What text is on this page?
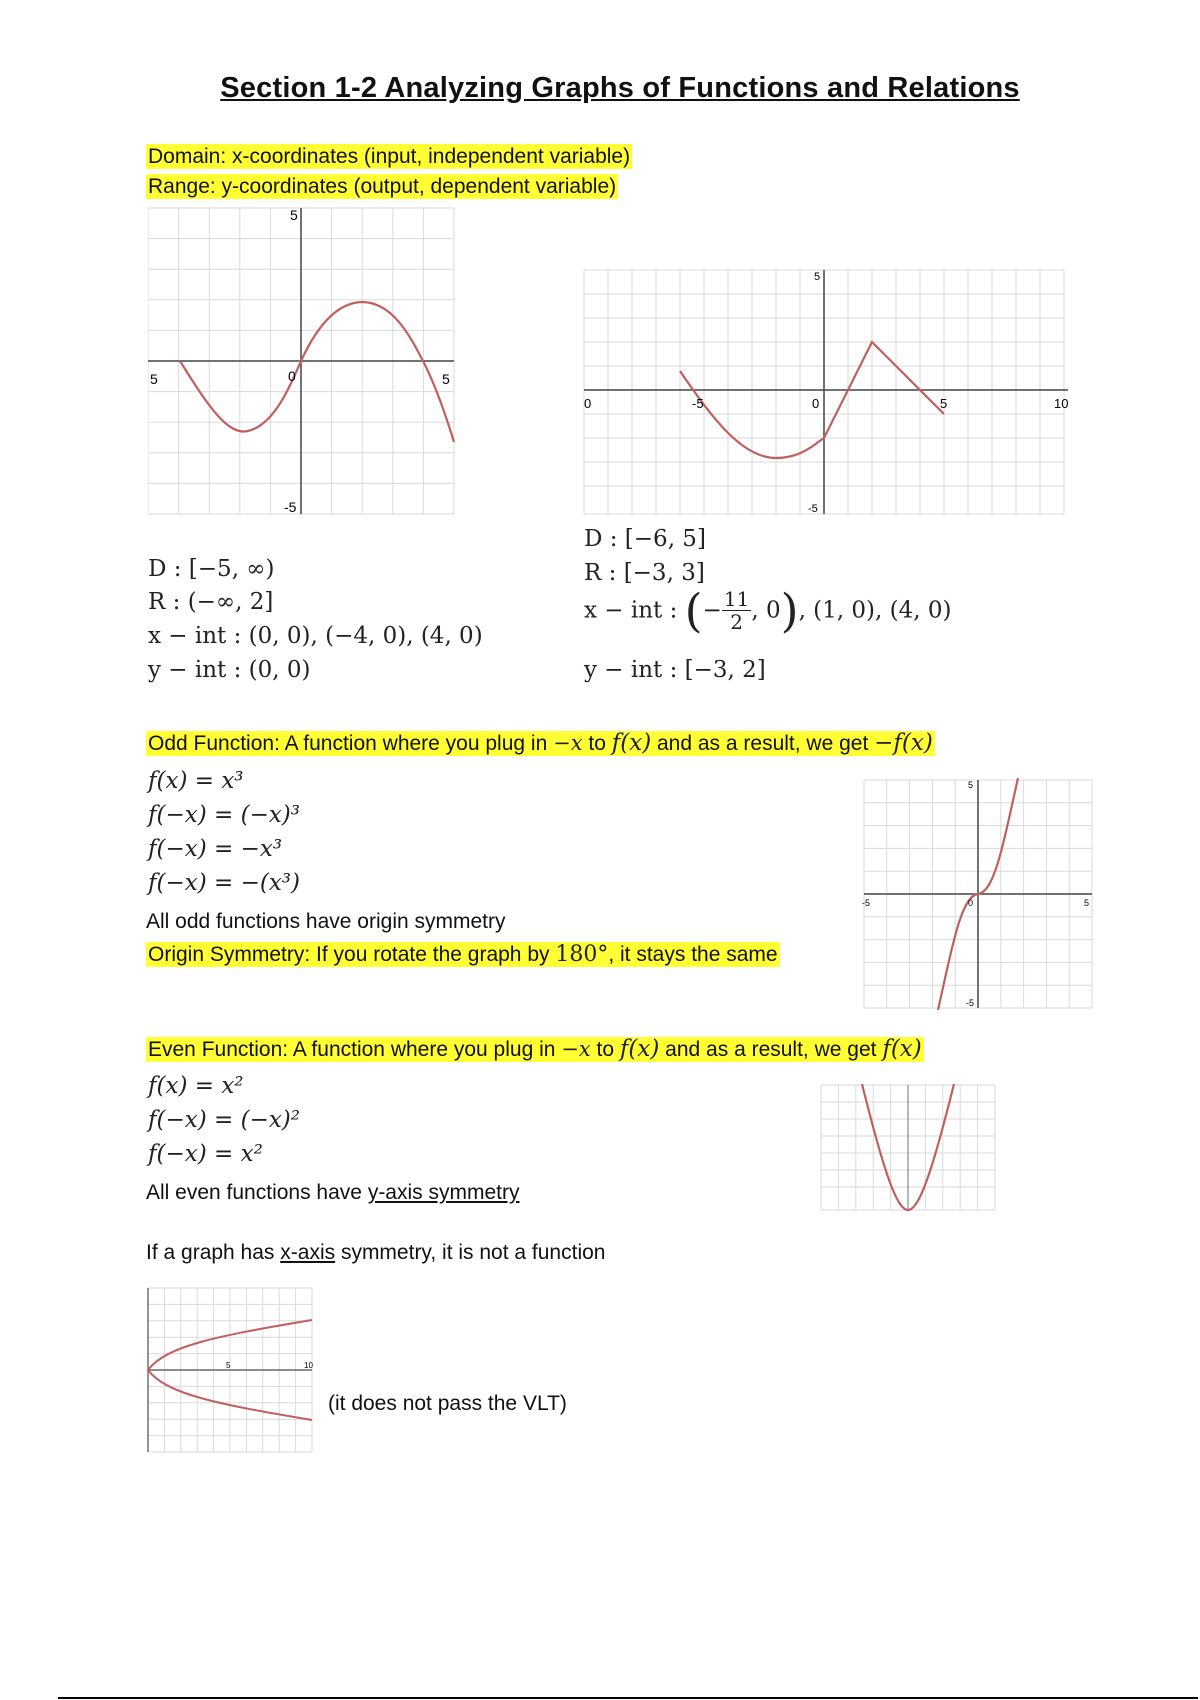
Section 1-2 Analyzing Graphs of Functions and Relations
Domain: x-coordinates (input, independent variable)
Range: y-coordinates (output, dependent variable)
5
5	0	5
-5
5
0	-5	0	5	10
-5
D : [−5, ∞)
R : (−∞, 2]
x − int : (0, 0), (−4, 0), (4, 0)
y − int : (0, 0)
D : [−6, 5]
R : [−3, 3]
x − int : (− $\frac{11}{2}$ , 0), (1, 0), (4, 0)
y − int : [−3, 2]
Odd Function: A function where you plug in −x to f(x) and as a result, we get −f(x)
f(x) = x³
f(−x) = (−x)³
f(−x) = −x³
f(−x) = −(x³)
All odd functions have origin symmetry
Origin Symmetry: If you rotate the graph by 180°, it stays the same
5
-5	0	5
-5
Even Function: A function where you plug in −x to f(x) and as a result, we get f(x)
f(x) = x²
f(−x) = (−x)²
f(−x) = x²
All even functions have y-axis symmetry
If a graph has x-axis symmetry, it is not a function
5	10
(it does not pass the VLT)
